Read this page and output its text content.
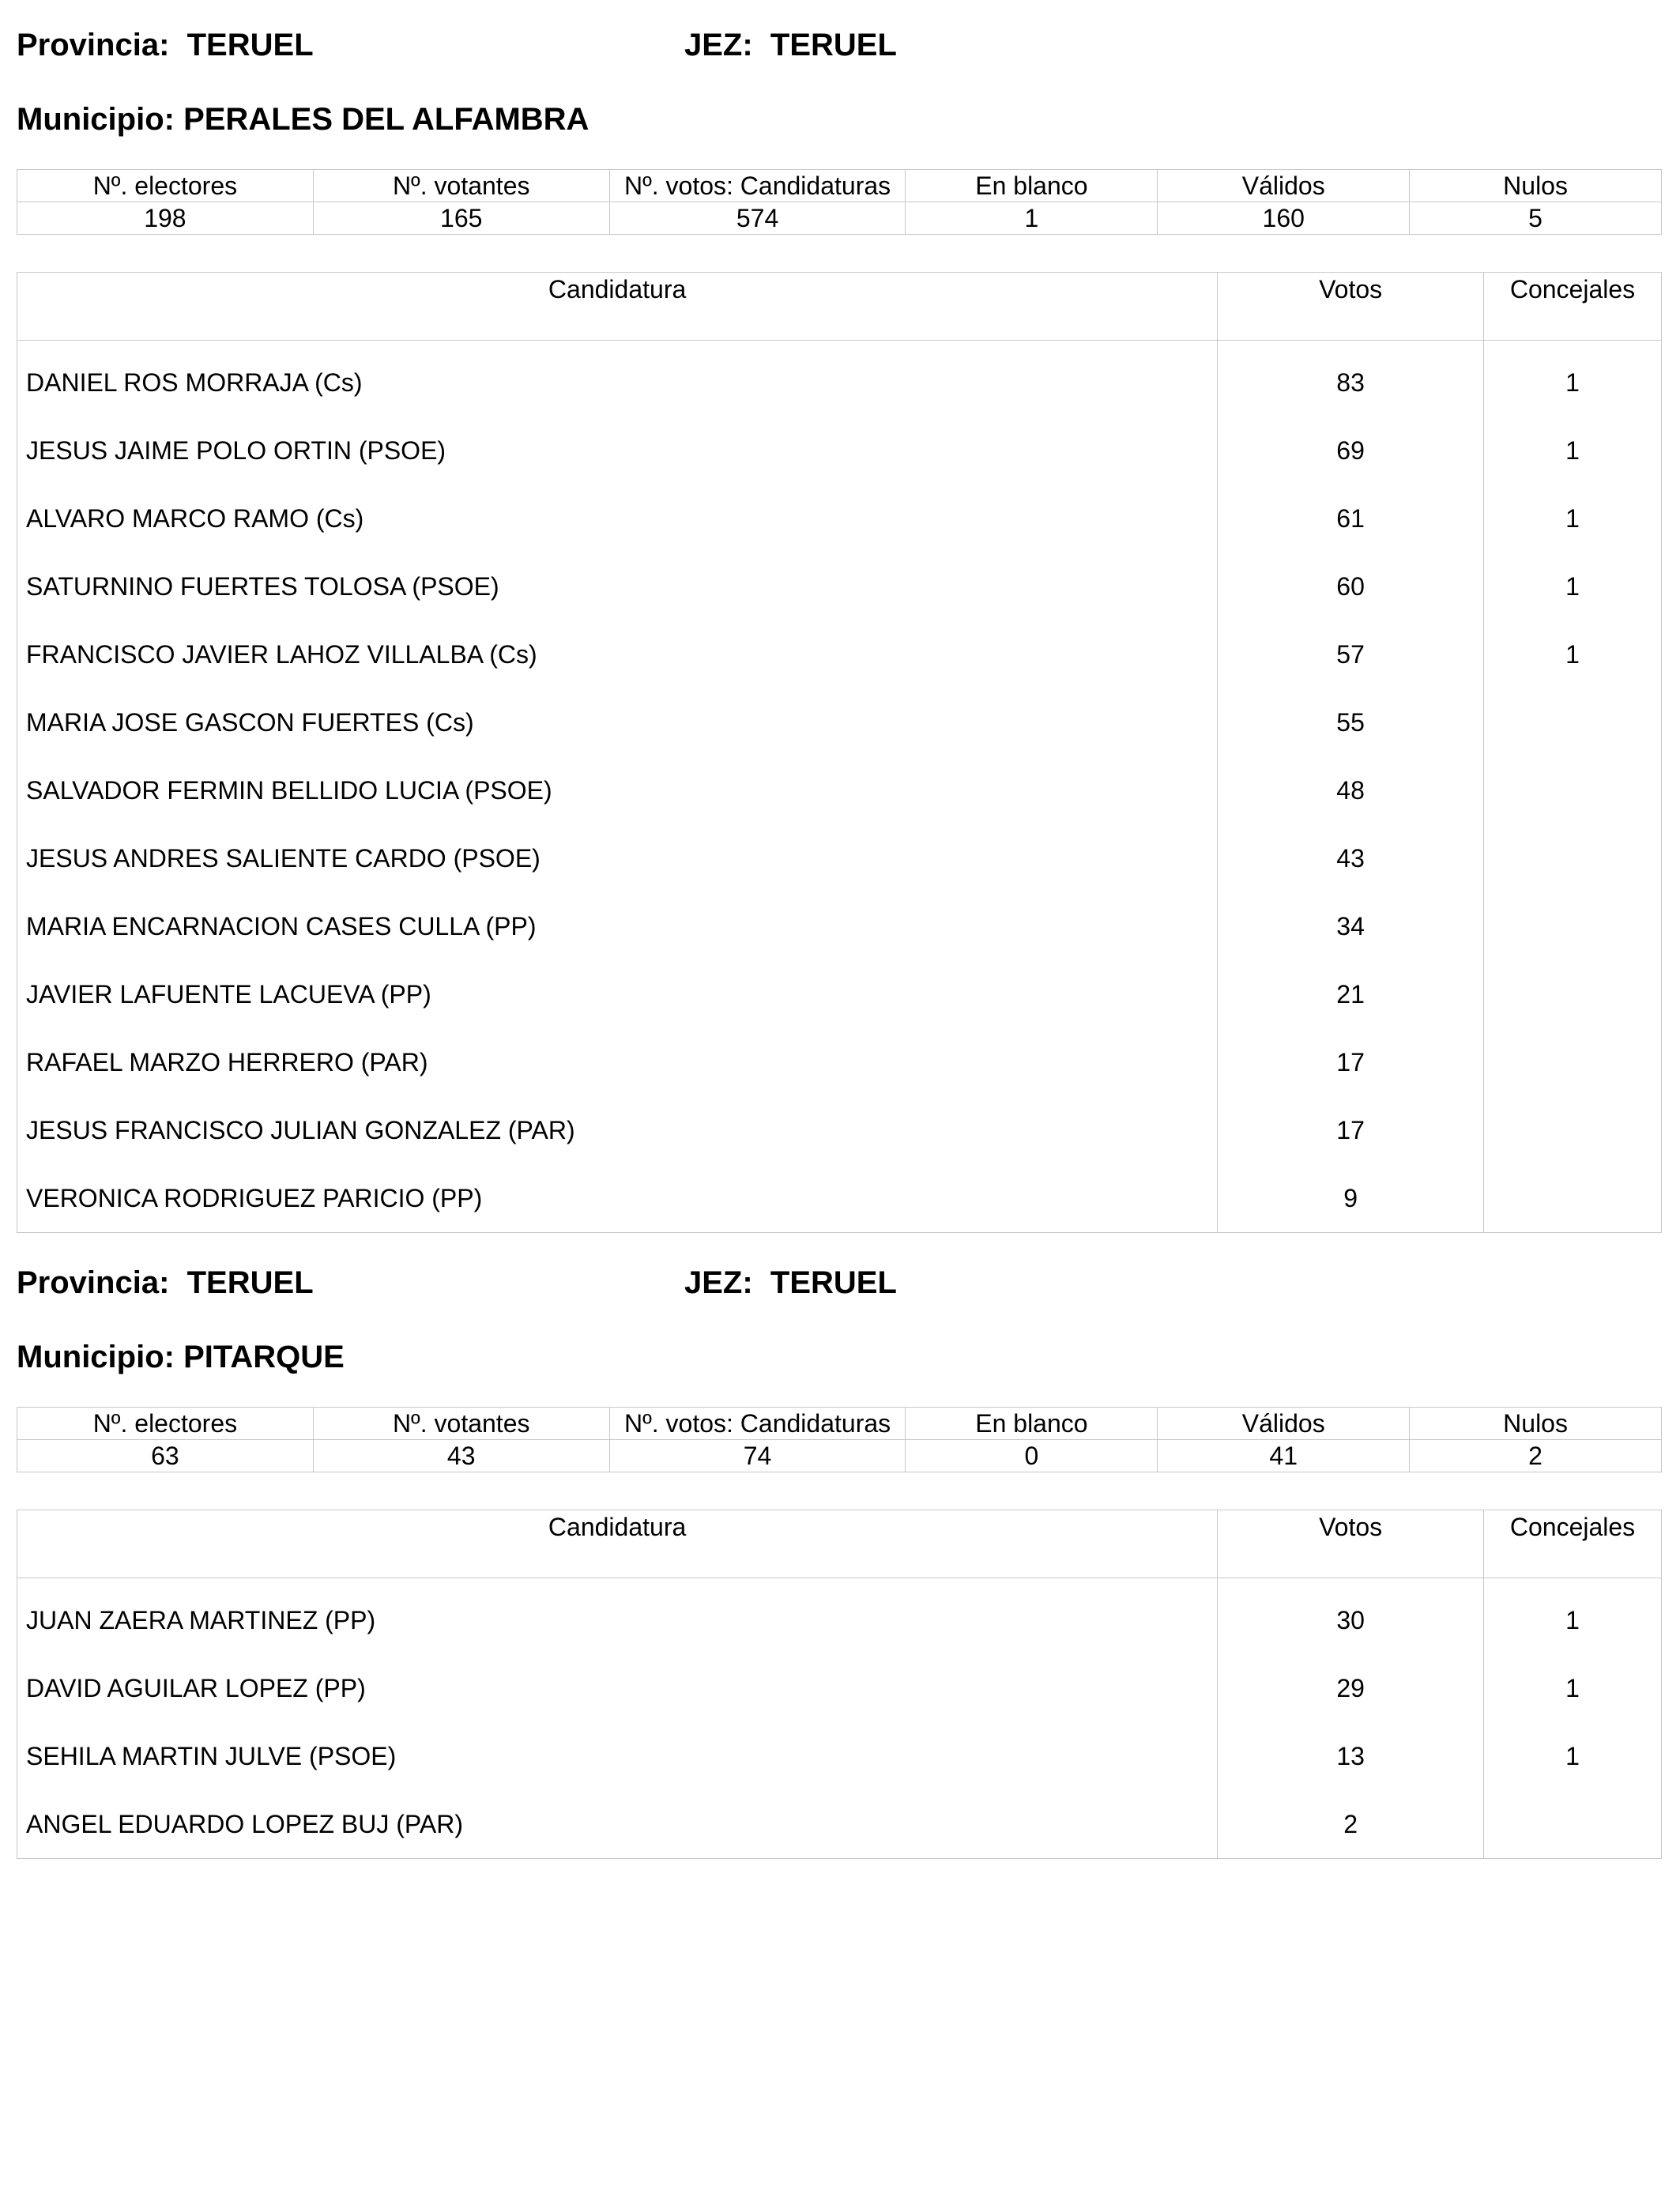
Provincia:  TERUEL	JEZ:  TERUEL
Municipio: PERALES DEL ALFAMBRA
Nº. electores	Nº. votantes	Nº. votos: Candidaturas	En blanco	Válidos	Nulos
198	165	574	1	160	5
Candidatura	Votos	Concejales
DANIEL ROS MORRAJA (Cs)	83	1
JESUS JAIME POLO ORTIN (PSOE)	69	1
ALVARO MARCO RAMO (Cs)	61	1
SATURNINO FUERTES TOLOSA (PSOE)	60	1
FRANCISCO JAVIER LAHOZ VILLALBA (Cs)	57	1
MARIA JOSE GASCON FUERTES (Cs)	55	
SALVADOR FERMIN BELLIDO LUCIA (PSOE)	48	
JESUS ANDRES SALIENTE CARDO (PSOE)	43	
MARIA ENCARNACION CASES CULLA (PP)	34	
JAVIER LAFUENTE LACUEVA (PP)	21	
RAFAEL MARZO HERRERO (PAR)	17	
JESUS FRANCISCO JULIAN GONZALEZ (PAR)	17	
VERONICA RODRIGUEZ PARICIO (PP)	9	
Provincia:  TERUEL	JEZ:  TERUEL
Municipio: PITARQUE
Nº. electores	Nº. votantes	Nº. votos: Candidaturas	En blanco	Válidos	Nulos
63	43	74	0	41	2
Candidatura	Votos	Concejales
JUAN ZAERA MARTINEZ (PP)	30	1
DAVID AGUILAR LOPEZ (PP)	29	1
SEHILA MARTIN JULVE (PSOE)	13	1
ANGEL EDUARDO LOPEZ BUJ (PAR)	2	
